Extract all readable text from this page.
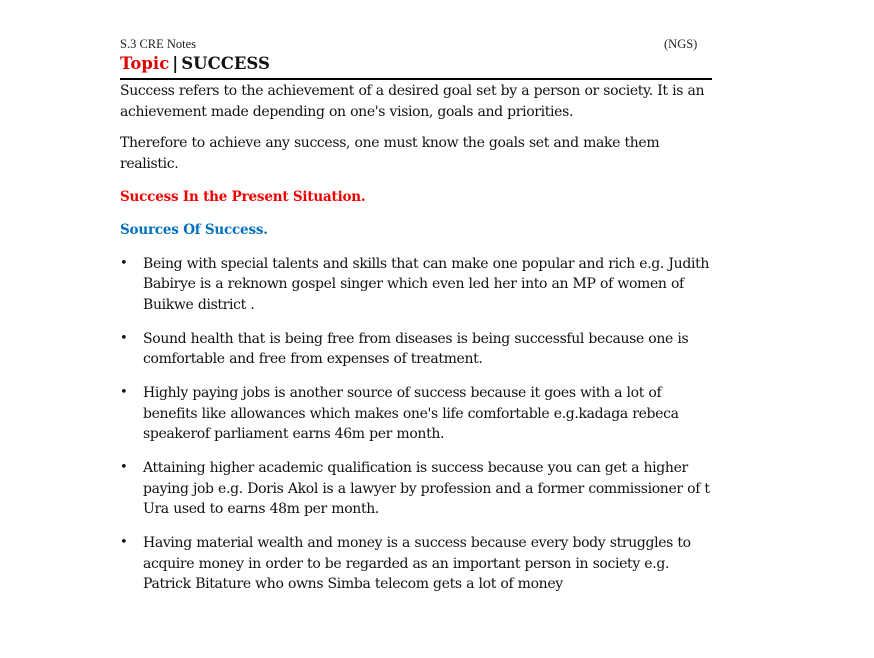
S.3 CRE Notes	(NGS)
Topic | SUCCESS

Success refers to the achievement of a desired goal set by a person or society. It is an achievement made depending on one's vision, goals and priorities.

Therefore to achieve any success, one must know the goals set and make them realistic.

Success In the Present Situation.
Sources Of Success.
• Being with special talents and skills that can make one popular and rich e.g. Judith Babirye is a reknown gospel singer which even led her into an MP of women of Buikwe district .
• Sound health that is being free from diseases is being successful because one is comfortable and free from expenses of treatment.
• Highly paying jobs is another source of success because it goes with a lot of benefits like allowances which makes one's life comfortable e.g.kadaga rebeca speakerof parliament earns 46m per month.
• Attaining higher academic qualification is success because you can get a higher paying job e.g. Doris Akol is a lawyer by profession and a former commissioner of t Ura used to earns 48m per month.
• Having material wealth and money is a success because every body struggles to acquire money in order to be regarded as an important person in society e.g. Patrick Bitature who owns Simba telecom gets a lot of money
